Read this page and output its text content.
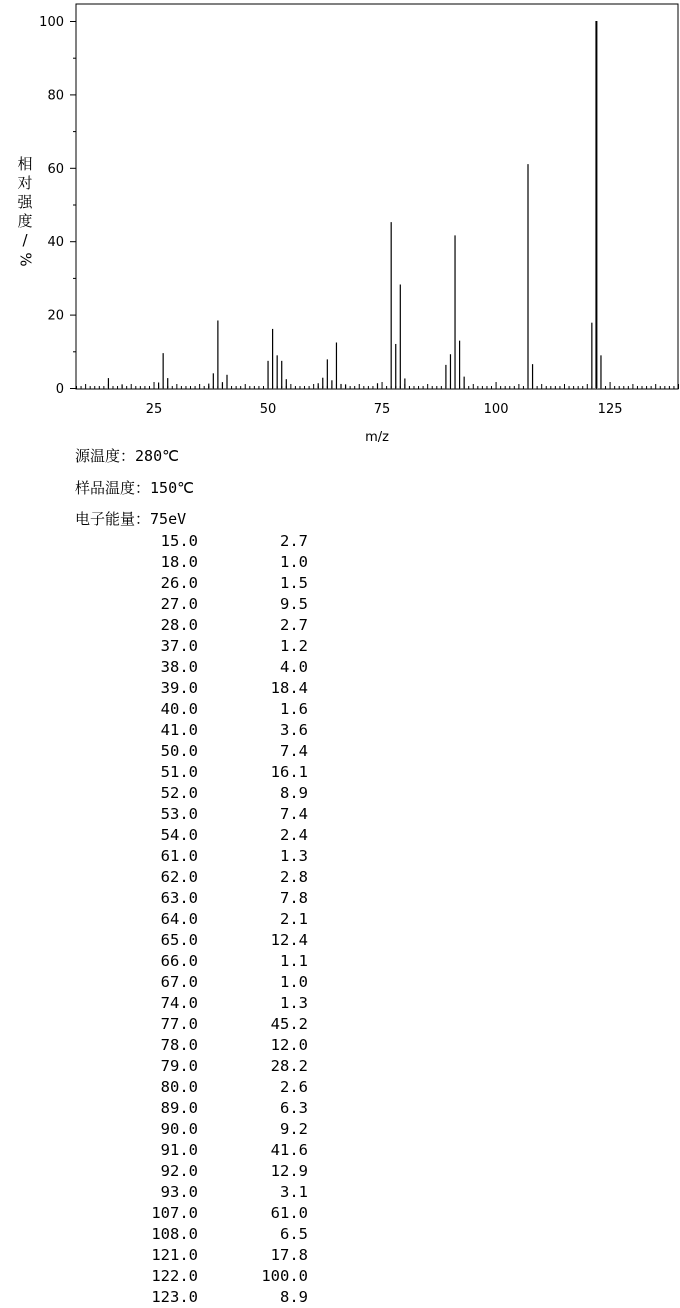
25	50	75	100	125
0
20
40
60
80
100
m/z
相
对
强
度
/
%
源温度：280℃
样品温度：150℃
电子能量：75eV
15.0	2.7
18.0	1.0
26.0	1.5
27.0	9.5
28.0	2.7
37.0	1.2
38.0	4.0
39.0	18.4
40.0	1.6
41.0	3.6
50.0	7.4
51.0	16.1
52.0	8.9
53.0	7.4
54.0	2.4
61.0	1.3
62.0	2.8
63.0	7.8
64.0	2.1
65.0	12.4
66.0	1.1
67.0	1.0
74.0	1.3
77.0	45.2
78.0	12.0
79.0	28.2
80.0	2.6
89.0	6.3
90.0	9.2
91.0	41.6
92.0	12.9
93.0	3.1
107.0	61.0
108.0	6.5
121.0	17.8
122.0	100.0
123.0	8.9
